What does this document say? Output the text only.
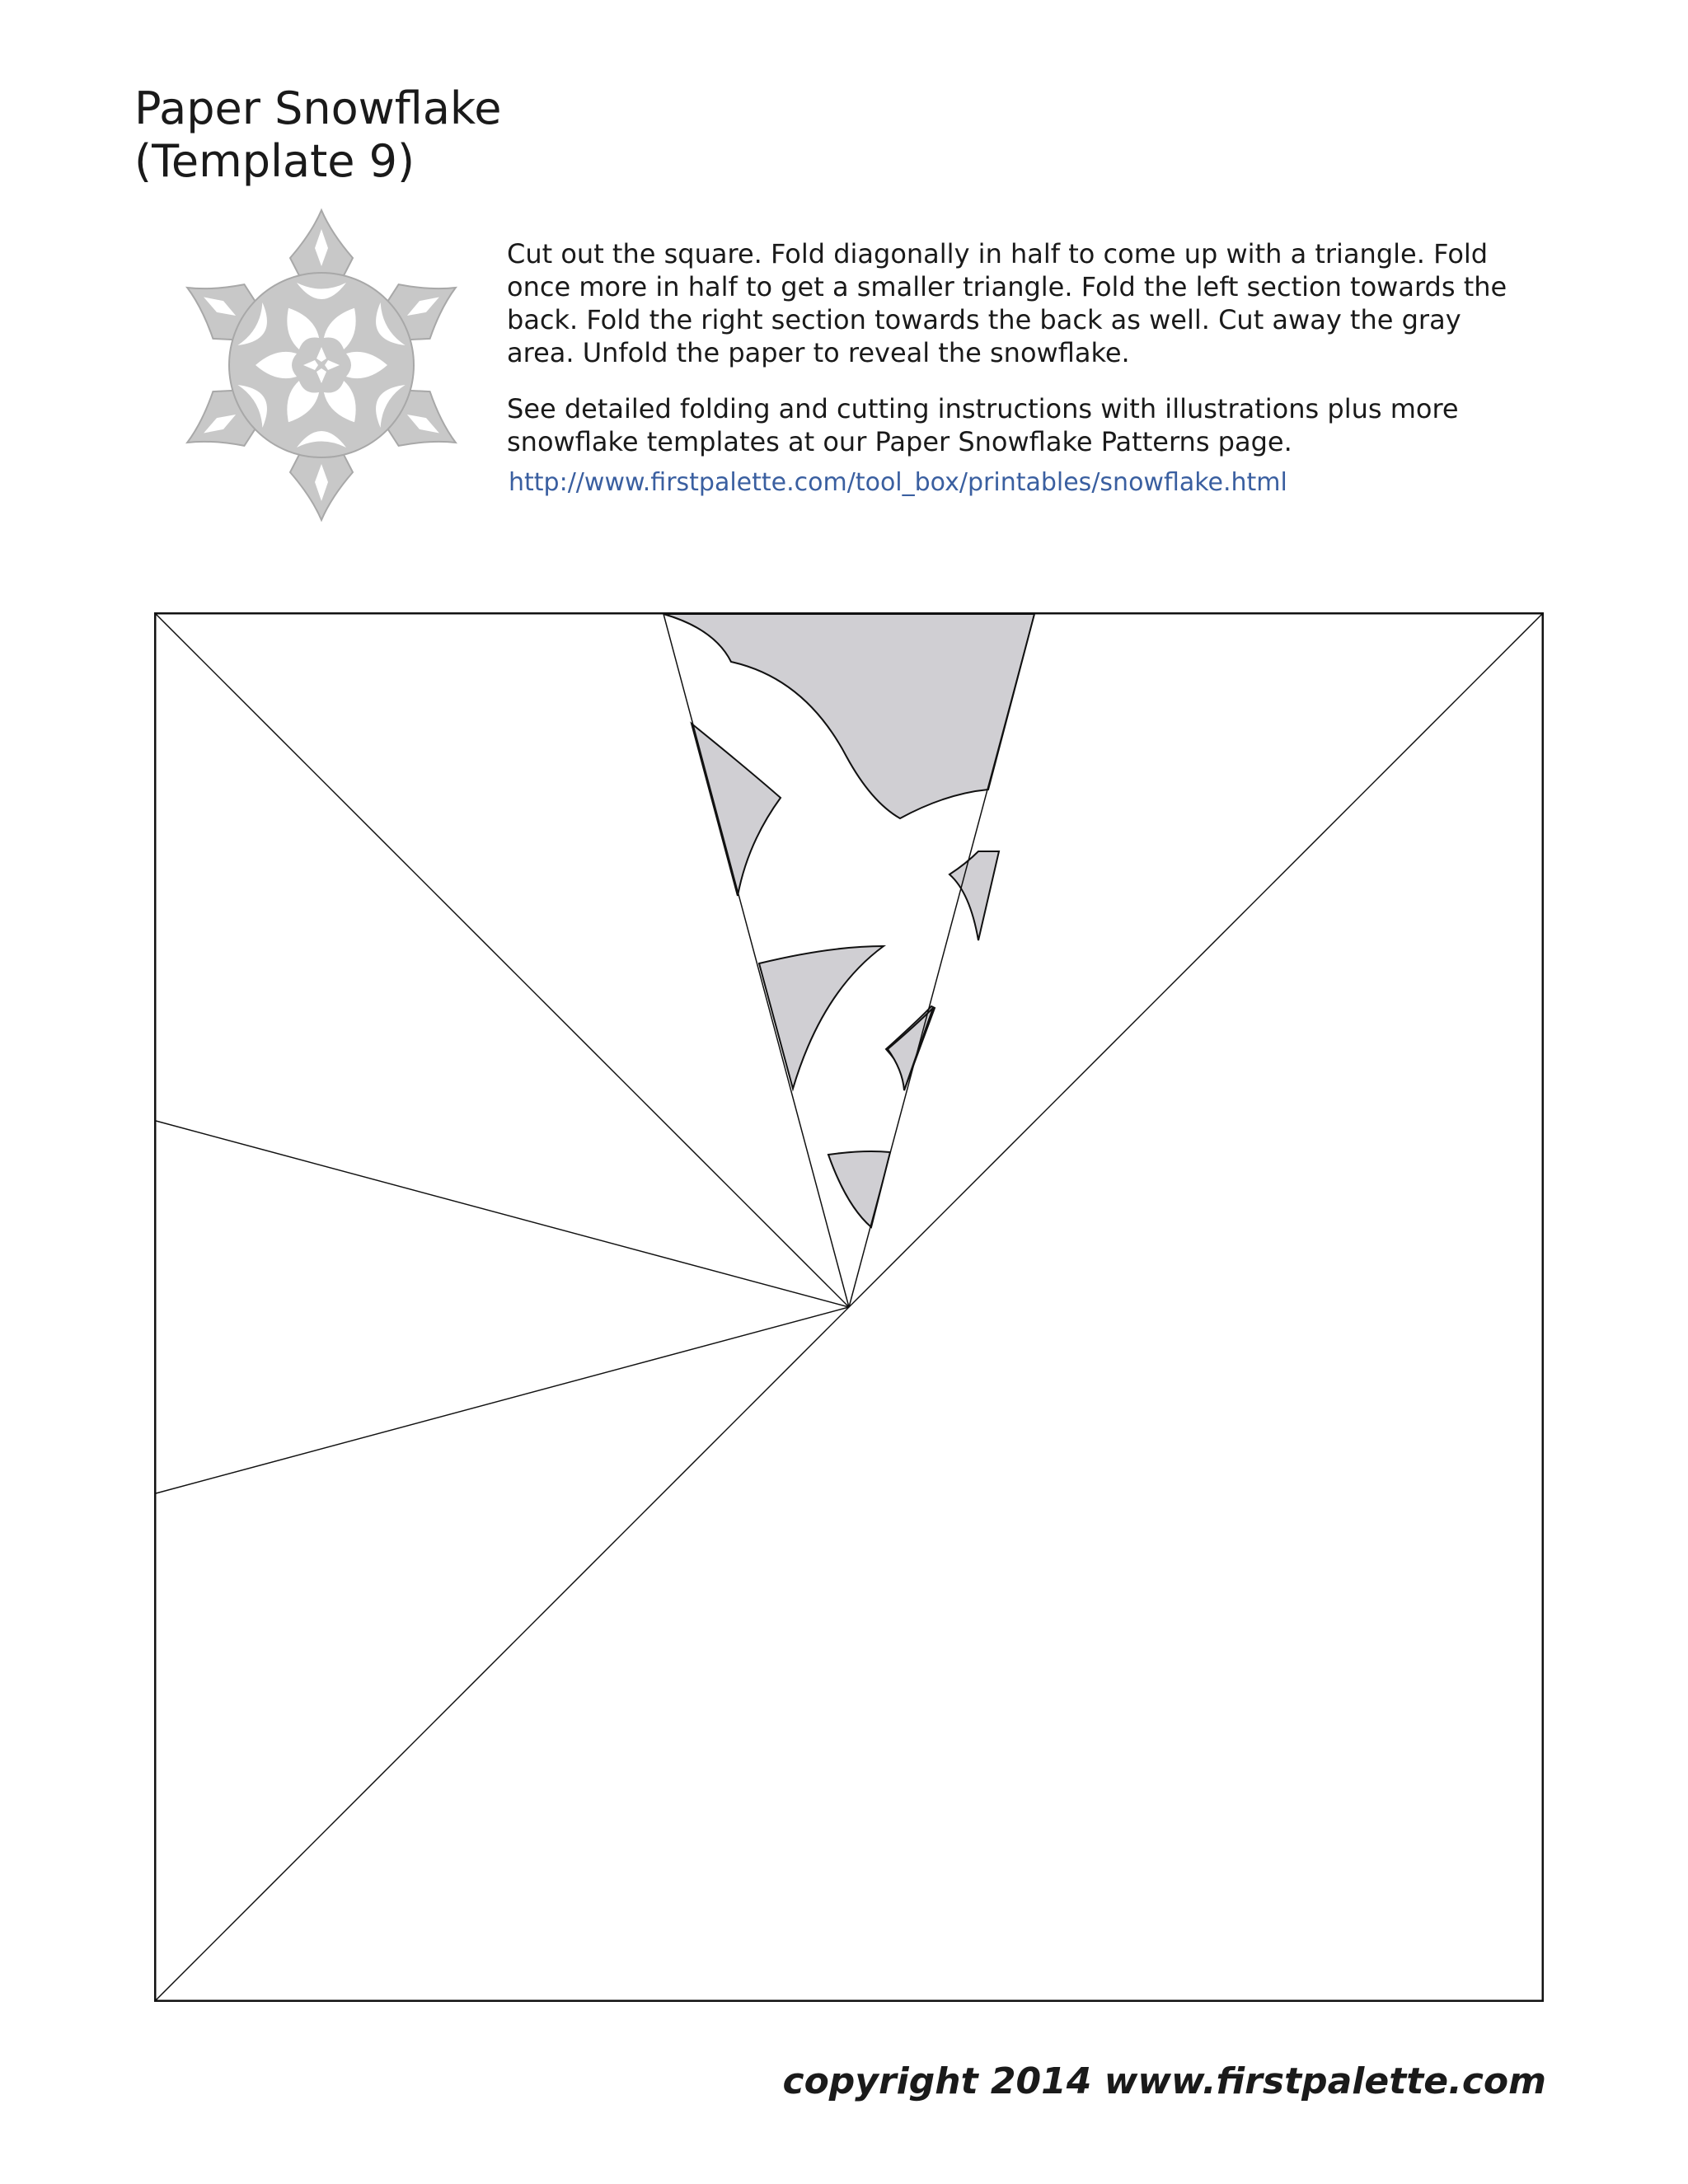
Paper Snowflake
(Template 9)

Cut out the square. Fold diagonally in half to come up with a triangle. Fold once more in half to get a smaller triangle. Fold the left section towards the back. Fold the right section towards the back as well. Cut away the gray area. Unfold the paper to reveal the snowflake.

See detailed folding and cutting instructions with illustrations plus more snowflake templates at our Paper Snowflake Patterns page.

http://www.firstpalette.com/tool_box/printables/snowflake.html
copyright 2014 www.firstpalette.com
